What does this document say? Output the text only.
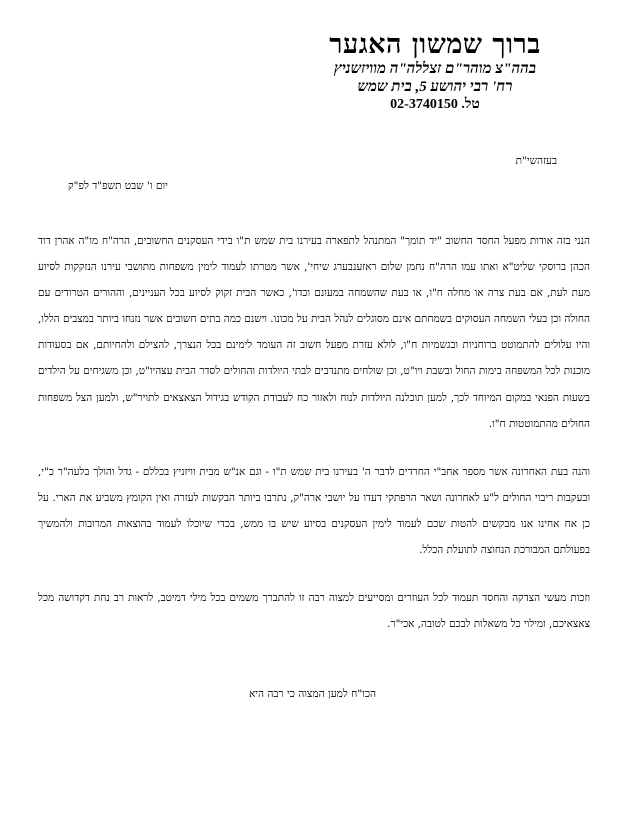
ברוך שמשון האגער
בהה"צ מוהר"ם זצללה"ה מוויזשניץ
רח' רבי יהושע 5, בית שמש
טל. 02-3740150
בעזהשי"ת
יום ו' שבט תשפ"ד לפ"ק

הנני בזה אודות מפעל החסד החשוב "יד תומך" המתנהל לתפארה בעירנו בית שמש ת"ו בידי העסקנים החשובים, הרה"ח מו"ה אהרן דוד הכהן ברוסקי שליט"א ואתו עמו הרה"ח נחמן שלום ראזענבערג שיחי', אשר מטרתו לעמוד לימין משפחות מתושבי עירנו הנזקקות לסיוע מעת לעת, אם בעת צרה או מחלה ח"ו, או בעת שהשמחה במעונם וכדו', כאשר הבית זקוק לסיוע בכל העניינים, וההורים הטרודים עם החולה וכן בעלי השמחה העסוקים בשמחתם אינם מסוגלים לנהל הבית על מכונו. וישנם כמה בתים חשובים אשר נזנחו ביותר במצבים הללו, והיו עלולים להתמוטט ברוחניות ובגשמיות ח"ו, לולא עזרת מפעל חשוב זה העומד לימינם בכל הנצרך, להצילם ולהחיותם, אם בסעודות מוכנות לכל המשפחה בימות החול ובשבת ויו"ט, וכן שולחים מתנדבים לבתי היולדות והחולים לסדר הבית עצהיו"ט, וכן משגיחים על הילדים בשעות הפנאי במקום המיוחד לכך, למען תוכלנה היולדות לנוח ולאזור כח לעבודת הקודש בגידול הצאצאים לתויר"ש, ולמען הצל משפחות החולים מהתמוטטות ח"ו.

והנה בעת האחרונה אשר מספר אחב"י החרדים לדבר ה' בעירנו בית שמש ת"ו - וגם אנ"ש מבית וויזניץ בכללם - גדל והולך בלעה"ר כ"י, ובעקבות ריבוי החולים ל"ע לאחרונה ושאר הרפתקי דעדו על יושבי ארה"ק, נתרבו ביותר הבקשות לעזרה ואין הקומץ משביע את הארי. על כן אח אחינו אנו מבקשים להטות שכם לעמוד לימין העסקנים בסיוע שיש בו ממש, בכדי שיוכלו לעמוד בהוצאות המרובות ולהמשיך בפעולתם המבורכת הנחוצה לתועלת הכלל.

וזכות מעשי הצדקה והחסד תעמוד לכל העוזרים ומסייעים למצוה רבה זו להתברך משמים בכל מילי דמיטב, לראות רב נחת דקדושה מכל צאצאיכם, ומילוי כל משאלות לבכם לטובה, אכי"ר.

הכו"ח למען המצוה כי רבה היא
